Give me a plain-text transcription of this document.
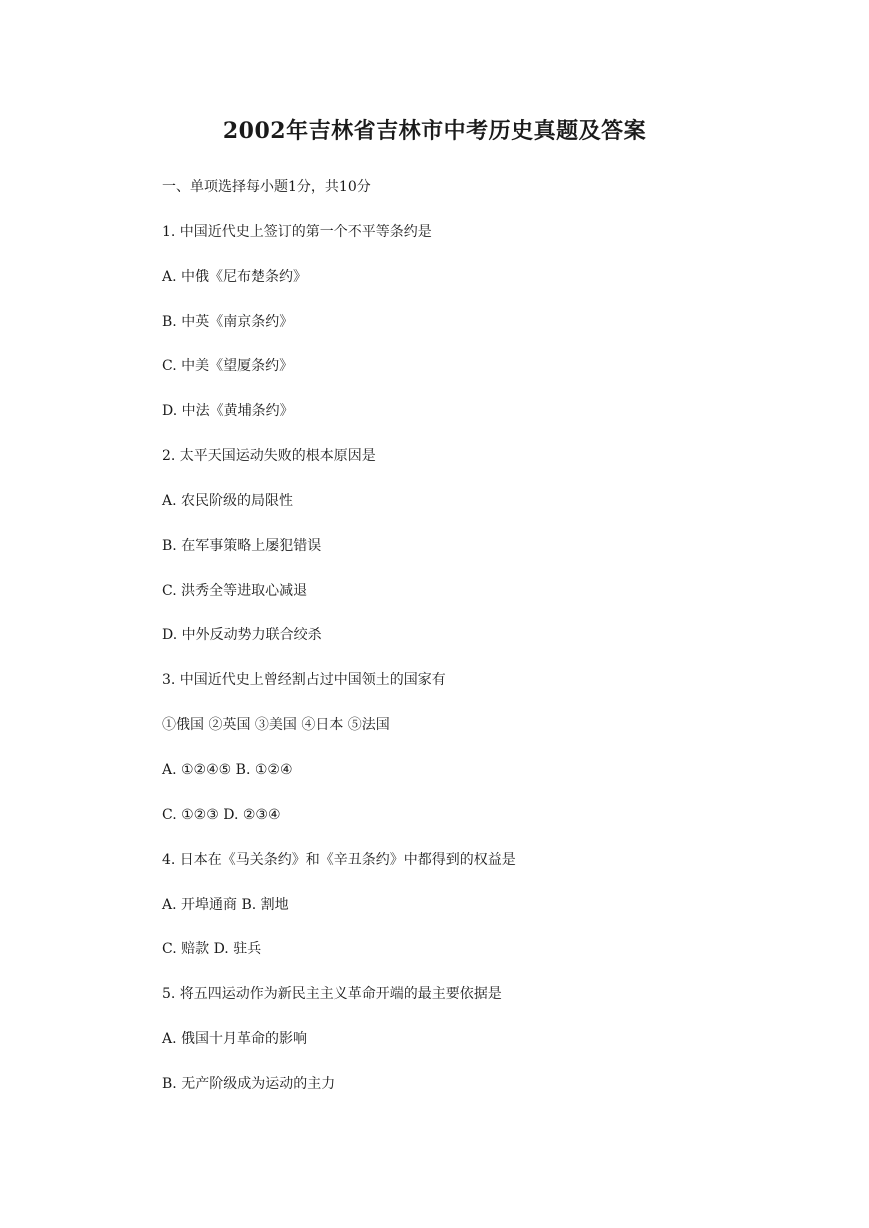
2002年吉林省吉林市中考历史真题及答案
一、单项选择每小题1分，共10分
1. 中国近代史上签订的第一个不平等条约是
A. 中俄《尼布楚条约》
B. 中英《南京条约》
C. 中美《望厦条约》
D. 中法《黄埔条约》
2. 太平天国运动失败的根本原因是
A. 农民阶级的局限性
B. 在军事策略上屡犯错误
C. 洪秀全等进取心减退
D. 中外反动势力联合绞杀
3. 中国近代史上曾经割占过中国领土的国家有
①俄国 ②英国 ③美国 ④日本 ⑤法国
A. ①②④⑤ B. ①②④
C. ①②③ D. ②③④
4. 日本在《马关条约》和《辛丑条约》中都得到的权益是
A. 开埠通商 B. 割地
C. 赔款 D. 驻兵
5. 将五四运动作为新民主主义革命开端的最主要依据是
A. 俄国十月革命的影响
B. 无产阶级成为运动的主力
